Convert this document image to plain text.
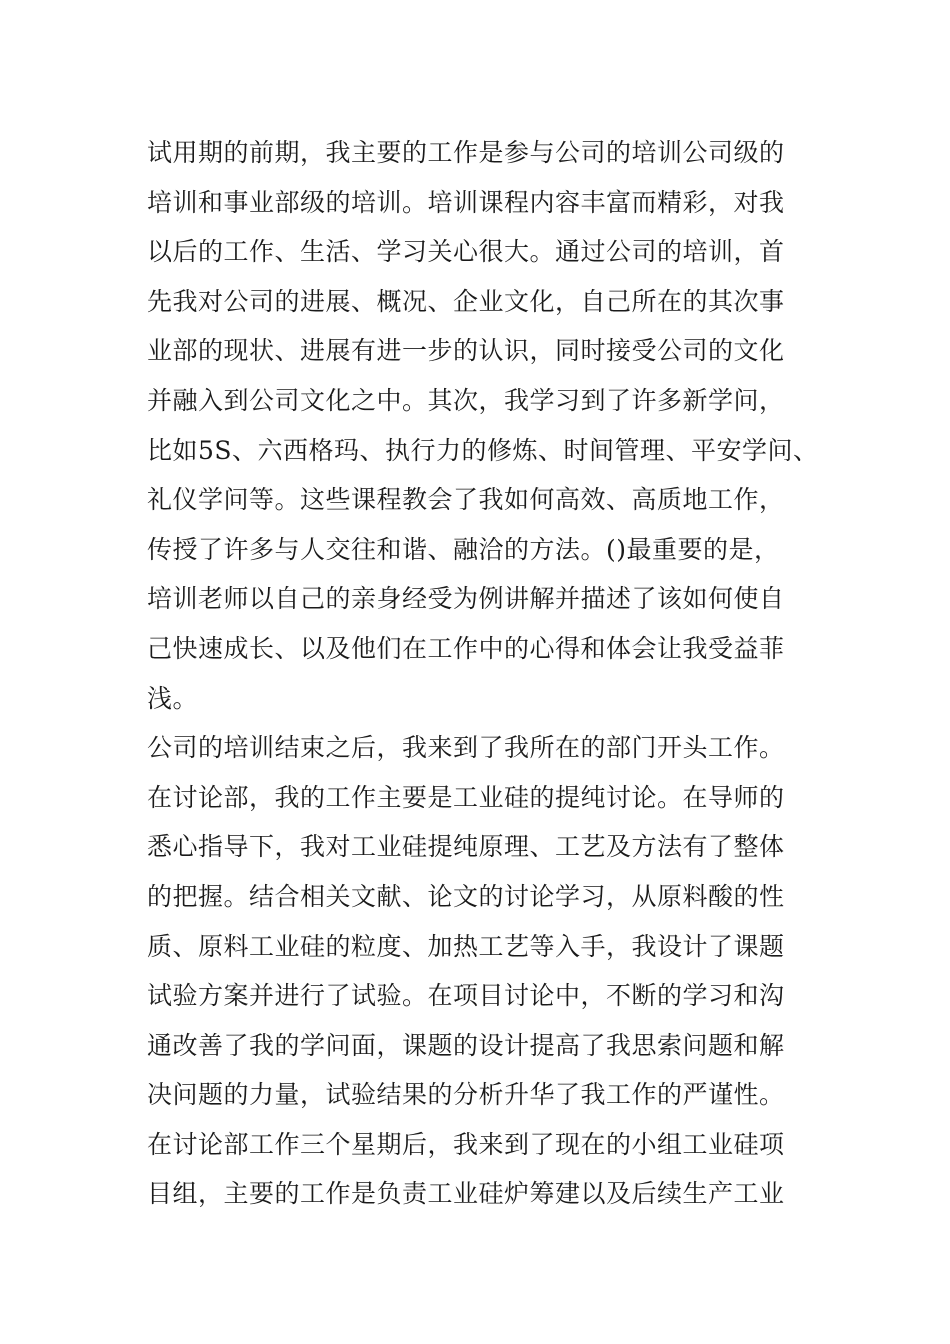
试用期的前期，我主要的工作是参与公司的培训公司级的
培训和事业部级的培训。培训课程内容丰富而精彩，对我
以后的工作、生活、学习关心很大。通过公司的培训，首
先我对公司的进展、概况、企业文化，自己所在的其次事
业部的现状、进展有进一步的认识，同时接受公司的文化
并融入到公司文化之中。其次，我学习到了许多新学问，
比如5S、六西格玛、执行力的修炼、时间管理、平安学问、
礼仪学问等。这些课程教会了我如何高效、高质地工作，
传授了许多与人交往和谐、融洽的方法。()最重要的是，
培训老师以自己的亲身经受为例讲解并描述了该如何使自
己快速成长、以及他们在工作中的心得和体会让我受益菲
浅。
公司的培训结束之后，我来到了我所在的部门开头工作。
在讨论部，我的工作主要是工业硅的提纯讨论。在导师的
悉心指导下，我对工业硅提纯原理、工艺及方法有了整体
的把握。结合相关文献、论文的讨论学习，从原料酸的性
质、原料工业硅的粒度、加热工艺等入手，我设计了课题
试验方案并进行了试验。在项目讨论中，不断的学习和沟
通改善了我的学问面，课题的设计提高了我思索问题和解
决问题的力量，试验结果的分析升华了我工作的严谨性。
在讨论部工作三个星期后，我来到了现在的小组工业硅项
目组，主要的工作是负责工业硅炉筹建以及后续生产工业
